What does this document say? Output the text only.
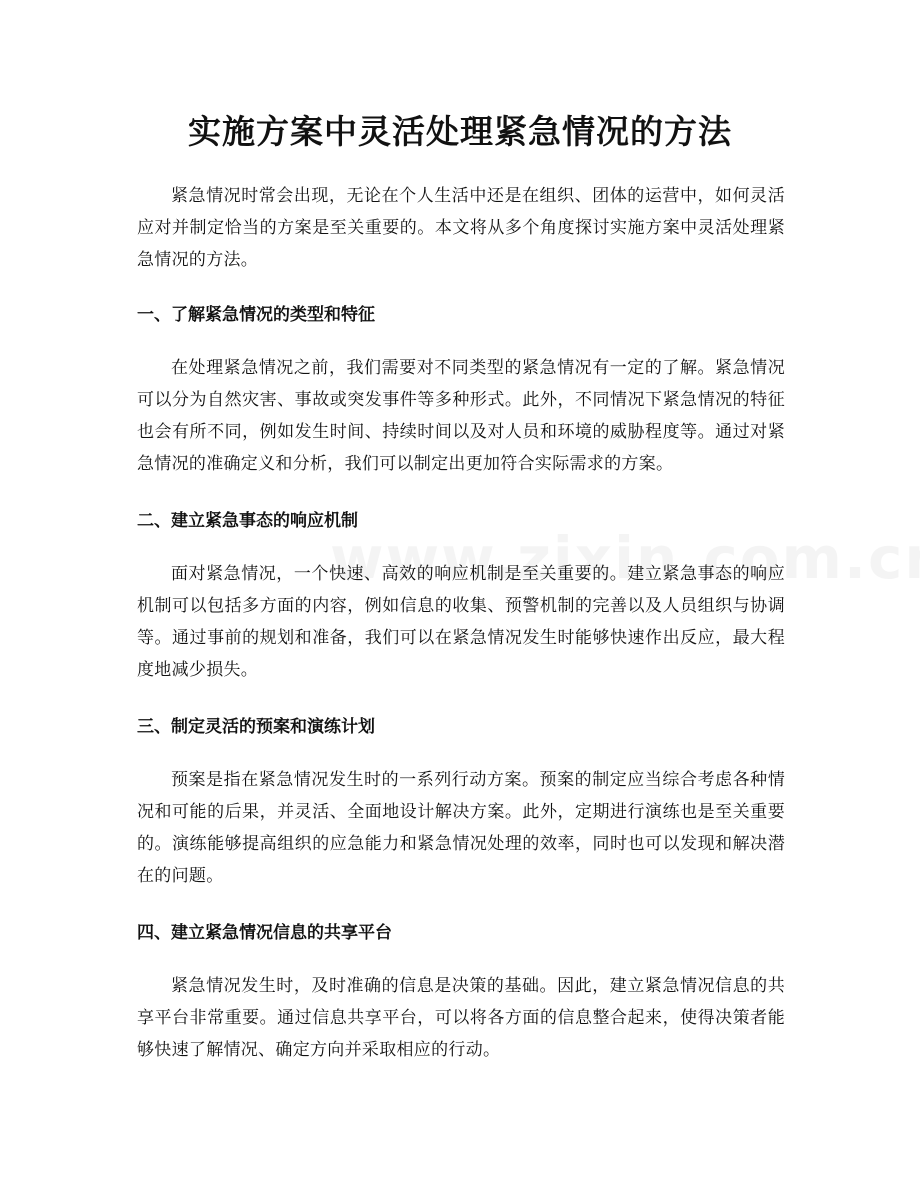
实施方案中灵活处理紧急情况的方法

紧急情况时常会出现，无论在个人生活中还是在组织、团体的运营中，如何灵活应对并制定恰当的方案是至关重要的。本文将从多个角度探讨实施方案中灵活处理紧急情况的方法。

一、了解紧急情况的类型和特征

在处理紧急情况之前，我们需要对不同类型的紧急情况有一定的了解。紧急情况可以分为自然灾害、事故或突发事件等多种形式。此外，不同情况下紧急情况的特征也会有所不同，例如发生时间、持续时间以及对人员和环境的威胁程度等。通过对紧急情况的准确定义和分析，我们可以制定出更加符合实际需求的方案。

二、建立紧急事态的响应机制

面对紧急情况，一个快速、高效的响应机制是至关重要的。建立紧急事态的响应机制可以包括多方面的内容，例如信息的收集、预警机制的完善以及人员组织与协调等。通过事前的规划和准备，我们可以在紧急情况发生时能够快速作出反应，最大程度地减少损失。

三、制定灵活的预案和演练计划

预案是指在紧急情况发生时的一系列行动方案。预案的制定应当综合考虑各种情况和可能的后果，并灵活、全面地设计解决方案。此外，定期进行演练也是至关重要的。演练能够提高组织的应急能力和紧急情况处理的效率，同时也可以发现和解决潜在的问题。

四、建立紧急情况信息的共享平台

紧急情况发生时，及时准确的信息是决策的基础。因此，建立紧急情况信息的共享平台非常重要。通过信息共享平台，可以将各方面的信息整合起来，使得决策者能够快速了解情况、确定方向并采取相应的行动。
